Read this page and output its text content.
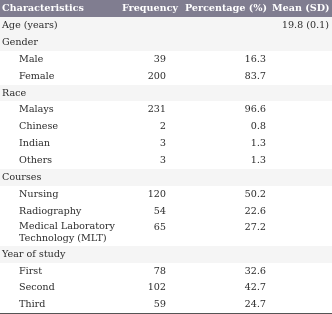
Characteristics	Frequency	Percentage (%)	Mean (SD)
Age (years)			19.8 (0.1)
Gender			
Male	39	16.3	
Female	200	83.7	
Race			
Malays	231	96.6	
Chinese	2	0.8	
Indian	3	1.3	
Others	3	1.3	
Courses			
Nursing	120	50.2	
Radiography	54	22.6	
Medical Laboratory Technology (MLT)	65	27.2	
Year of study			
First	78	32.6	
Second	102	42.7	
Third	59	24.7	
